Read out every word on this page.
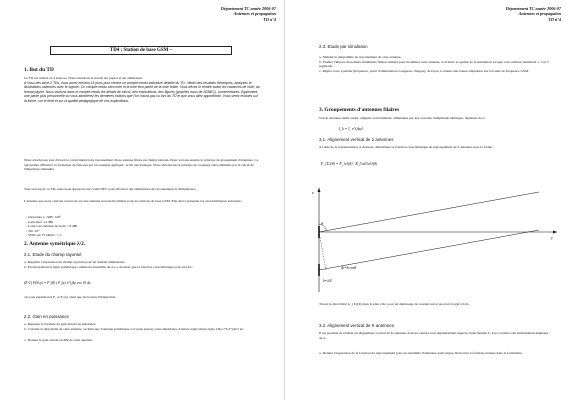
Département TC année 2006-07
Antennes et propagation
TD n°4
TD4 : Station de base GSM –
1. But du TD
Ce TD est réalisé en 2 séances. Nous attendons le travail sur papier et sur simulateur.
A l'issu des deux 2 TDs, vous aurez environ 15 jours pour rendre un compte-rendu individuel détaillé du TD : détail des résultats théoriques, analyses et illustrations obtenues avec le logiciel. Ce compte-rendu sera noté et la note fera partie de la note finale. Vous devez le rendre avant les vacances de Noël, au format papier. Nous voulons dans le compte-rendu les détails de calcul, des explications, des figures (graphes issus de 3DNEC), commentaires. Egalement, une partie plus personnelle où vous aborderez les dernières notions que l'on n'aura pas vu lors du TD et que vous allez approfondir. Vous serez évalués sur la forme, sur le fond et sur la qualité pédagogique de vos explications.
Nous aborderons tout d'abord le calcul intégral du rayonnement d'une antenne filaire en champ lointain. Nous verrons ensuite le principe de groupement d'antennes. Ce qui permet d'illustrer la formation de faisceau par un exemple appliqué : le tilt électronique. Nous aborderons le principe de couplage entre éléments par le calcul de l'impédance mutuelle.
Tout au long de ce TD, nous nous appuyons sur l'outil NEC pour effectuer des simulations de rayonnement et d'impédance.
L'antenne que nous voulons concevoir est une antenne sectorielle utilisée pour les stations de base GSM. Elle devra présenter les caractéristiques suivantes :
- Ouverture à -3dB :120°
- Gain max :12 dBi
- Lobes secondaires de Gain < 0 dBi
- Tilt :10°
- SWR sur 75 Ohms :< 2.
2. Antenne symétrique λ/2.
2.1. Etude du champ rayonné
a- Rappeler l'expression du champ rayonné pour un doublet élémentaire.
b- En interprétant la ligne symétrique comme un ensemble de d.c.a. montrer que la fonction caractéristique peut s'écrire :
(E-1) F(θ,φ) = F₁(θ) ∫ F₂(z) e^{jkz cos θ} dz
où vous expliciterez F₁ et F₂(z), ainsi que les bornes d'intégration.
2.2. Gain en puissance
a- Rappeler la formule du gain absolu en puissance.
b- Calculer la directivité de cette antenne, sachant que l'antenne symétrique λ/2 (sans pertes) a une impédance d'entrée équivalente égale à Re=73,2+j42,5 Ω.
c- Donner le gain absolu en dBi de cette antenne.
Département TC année 2006-07
Antennes et propagation
TD n°4
2.3. Etude par simulation
a- Simuler le diagramme de rayonnement de cette antenne.
b- Etudier l'impact du nombre d'éléments filaires utilisés pour modéliser cette antenne, et évaluer la qualité de la simulation lorsque vous utilisez seulement 1, 3 et 5 segments.
c- Régler votre système (fréquence, point d'alimentation, longueur, charges), de façon à obtenir une bonne adaptation sur la bande de fréquence GSM.
3. Groupements d'antennes filaires
Soit K antennes demi-ondes, alignées verticalement, alimentées par des courants d'amplitude identique, déphasés de φ :
I_k = I₀ e^{jkφ}
3.1. Alignement vertical de 2 antennes
A l'aide de la représentation ci-dessous, déterminez la fonction caractéristique de regroupement de 2 antennes sous la forme :
F_{Σ}(θ) = F_{z}(θ) · R_{\u03c6}(θ)
θ
z
y
Δr=b.cosθ
b=λ/4
Tracez la directivité G_{Σ}(θ) dans le plan yOz, pour un déphasage de courant nul et un écart b égal à 0,4λ.
3.2. Alignement vertical de K antennes
Il est possible de réaliser un alignement vertical de K antennes dont les centres sont régulièrement espacés d'une hauteur b. Les courants sont linéairement déphasés de φ .
a- Donner l'expression de la fonction de regroupement pour un ensemble d'antennes quelconque. Retrouver la formule donnée dans le formulaire.
